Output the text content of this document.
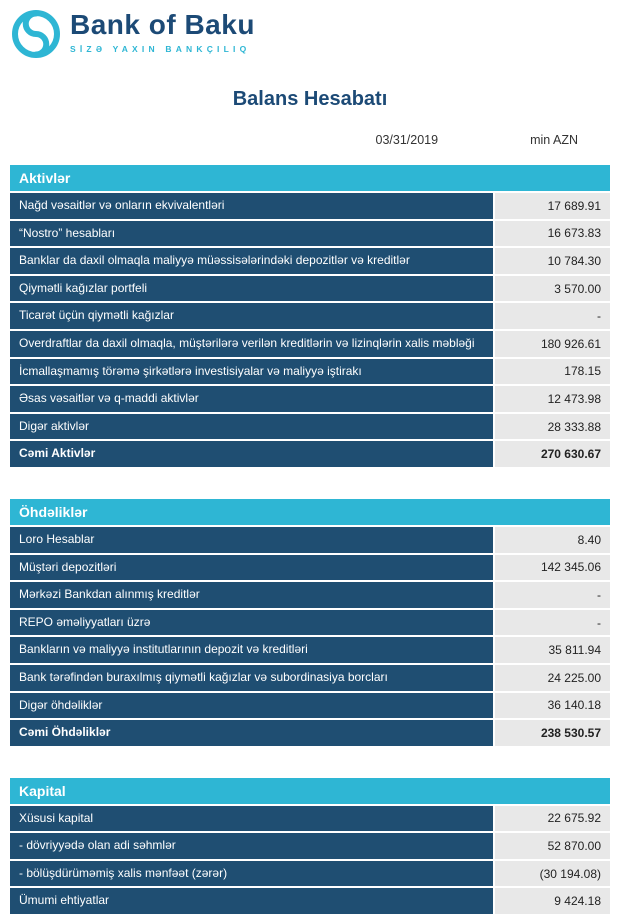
Bank of Baku
SİZƏ YAXIN BANKÇILIQ
Balans Hesabatı
03/31/2019	min AZN
Aktivlər
Nağd vəsaitlər və onların ekvivalentləri	17 689.91
“Nostro” hesabları	16 673.83
Banklar da daxil olmaqla maliyyə müəssisələrindəki depozitlər və kreditlər	10 784.30
Qiymətli kağızlar portfeli	3 570.00
Ticarət üçün qiymətli kağızlar	-
Overdraftlar da daxil olmaqla, müştərilərə verilən kreditlərin və lizinqlərin xalis məbləği	180 926.61
İcmallaşmamış törəmə şirkətlərə investisiyalar və maliyyə iştirakı	178.15
Əsas vəsaitlər və q-maddi aktivlər	12 473.98
Digər aktivlər	28 333.88
Cəmi Aktivlər	270 630.67
Öhdəliklər
Loro Hesablar	8.40
Müştəri depozitləri	142 345.06
Mərkəzi Bankdan alınmış kreditlər	-
REPO əməliyyatları üzrə	-
Bankların və maliyyə institutlarının depozit və kreditləri	35 811.94
Bank tərəfindən buraxılmış qiymətli kağızlar və subordinasiya borcları	24 225.00
Digər öhdəliklər	36 140.18
Cəmi Öhdəliklər	238 530.57
Kapital
Xüsusi kapital	22 675.92
- dövriyyədə olan adi səhmlər	52 870.00
- bölüşdürüməmiş xalis mənfəət (zərər)	(30 194.08)
Ümumi ehtiyatlar	9 424.18
